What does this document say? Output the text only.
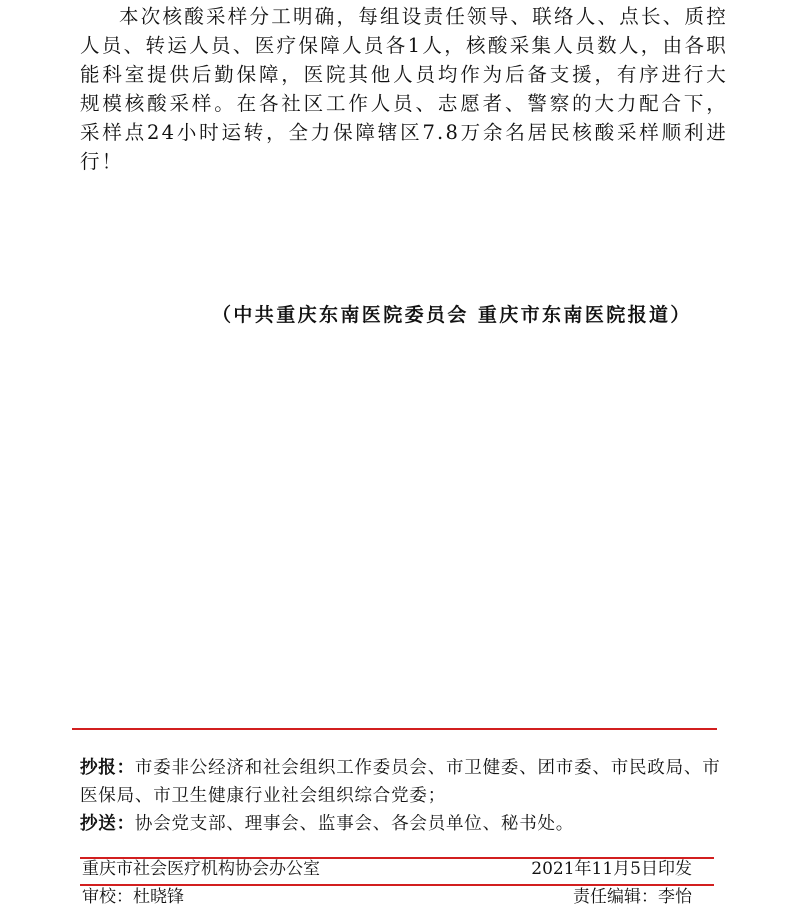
本次核酸采样分工明确，每组设责任领导、联络人、点长、质控人员、转运人员、医疗保障人员各1人，核酸采集人员数人，由各职能科室提供后勤保障，医院其他人员均作为后备支援，有序进行大规模核酸采样。在各社区工作人员、志愿者、警察的大力配合下，采样点24小时运转，全力保障辖区7.8万余名居民核酸采样顺利进行！

（中共重庆东南医院委员会 重庆市东南医院报道）

抄报：市委非公经济和社会组织工作委员会、市卫健委、团市委、市民政局、市医保局、市卫生健康行业社会组织综合党委；
抄送：协会党支部、理事会、监事会、各会员单位、秘书处。
重庆市社会医疗机构协会办公室	2021年11月5日印发
审校：杜晓锋	责任编辑：李怡
